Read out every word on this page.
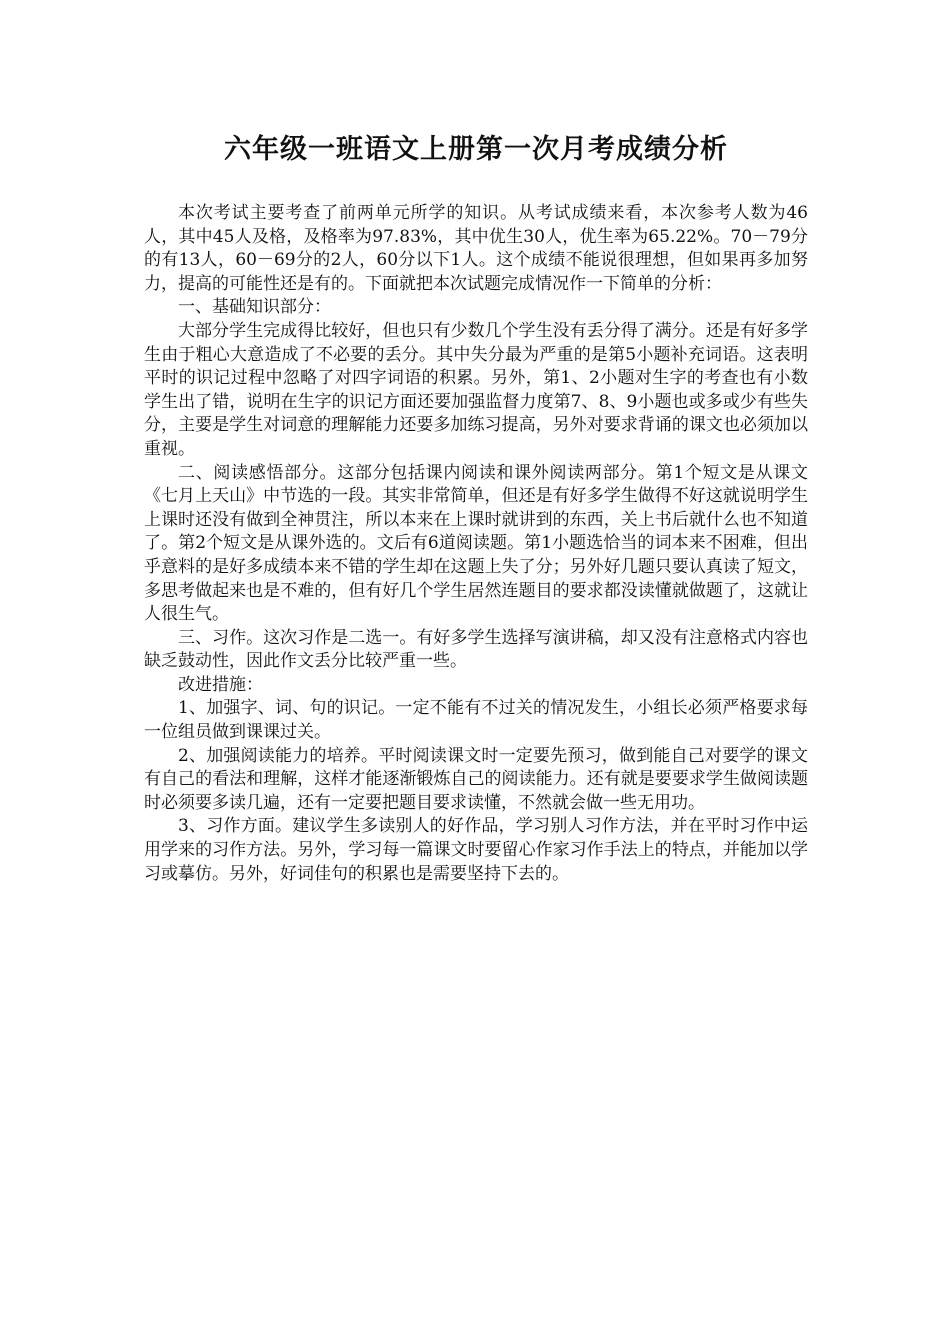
六年级一班语文上册第一次月考成绩分析

本次考试主要考查了前两单元所学的知识。从考试成绩来看，本次参考人数为46人，其中45人及格，及格率为97.83%，其中优生30人，优生率为65.22%。70－79分的有13人，60－69分的2人，60分以下1人。这个成绩不能说很理想，但如果再多加努力，提高的可能性还是有的。下面就把本次试题完成情况作一下简单的分析：

一、基础知识部分：

大部分学生完成得比较好，但也只有少数几个学生没有丢分得了满分。还是有好多学生由于粗心大意造成了不必要的丢分。其中失分最为严重的是第5小题补充词语。这表明平时的识记过程中忽略了对四字词语的积累。另外，第1、2小题对生字的考查也有小数学生出了错，说明在生字的识记方面还要加强监督力度第7、8、9小题也或多或少有些失分，主要是学生对词意的理解能力还要多加练习提高，另外对要求背诵的课文也必须加以重视。

二、阅读感悟部分。这部分包括课内阅读和课外阅读两部分。第1个短文是从课文《七月上天山》中节选的一段。其实非常简单，但还是有好多学生做得不好这就说明学生上课时还没有做到全神贯注，所以本来在上课时就讲到的东西，关上书后就什么也不知道了。第2个短文是从课外选的。文后有6道阅读题。第1小题选恰当的词本来不困难，但出乎意料的是好多成绩本来不错的学生却在这题上失了分；另外好几题只要认真读了短文，多思考做起来也是不难的，但有好几个学生居然连题目的要求都没读懂就做题了，这就让人很生气。

三、习作。这次习作是二选一。有好多学生选择写演讲稿，却又没有注意格式内容也缺乏鼓动性，因此作文丢分比较严重一些。

改进措施：

1、加强字、词、句的识记。一定不能有不过关的情况发生，小组长必须严格要求每一位组员做到课课过关。

2、加强阅读能力的培养。平时阅读课文时一定要先预习，做到能自己对要学的课文有自己的看法和理解，这样才能逐渐锻炼自己的阅读能力。还有就是要要求学生做阅读题时必须要多读几遍，还有一定要把题目要求读懂，不然就会做一些无用功。

3、习作方面。建议学生多读别人的好作品，学习别人习作方法，并在平时习作中运用学来的习作方法。另外，学习每一篇课文时要留心作家习作手法上的特点，并能加以学习或摹仿。另外，好词佳句的积累也是需要坚持下去的。
